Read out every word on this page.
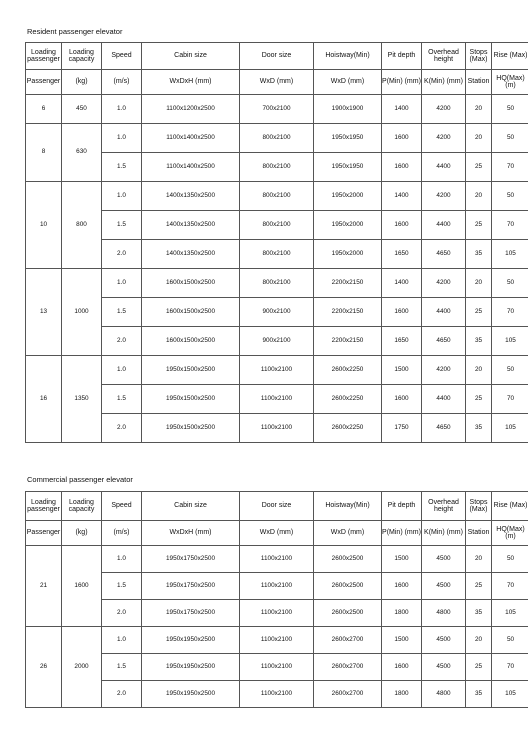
Resident passenger elevator
Loading passenger	Loading capacity	Speed	Cabin size	Door size	Hoistway(Min)	Pit depth	Overhead height	Stops (Max)	Rise (Max)
Passenger	(kg)	(m/s)	WxDxH (mm)	WxD (mm)	WxD (mm)	P(Min) (mm)	K(Min) (mm)	Station	HQ(Max) (m)
6	450	1.0	1100x1200x2500	700x2100	1900x1900	1400	4200	20	50
8	630	1.0	1100x1400x2500	800x2100	1950x1950	1600	4200	20	50
		1.5	1100x1400x2500	800x2100	1950x1950	1600	4400	25	70
10	800	1.0	1400x1350x2500	800x2100	1950x2000	1400	4200	20	50
		1.5	1400x1350x2500	800x2100	1950x2000	1600	4400	25	70
		2.0	1400x1350x2500	800x2100	1950x2000	1650	4650	35	105
13	1000	1.0	1600x1500x2500	800x2100	2200x2150	1400	4200	20	50
		1.5	1600x1500x2500	900x2100	2200x2150	1600	4400	25	70
		2.0	1600x1500x2500	900x2100	2200x2150	1650	4650	35	105
16	1350	1.0	1950x1500x2500	1100x2100	2600x2250	1500	4200	20	50
		1.5	1950x1500x2500	1100x2100	2600x2250	1600	4400	25	70
		2.0	1950x1500x2500	1100x2100	2600x2250	1750	4650	35	105
Commercial passenger elevator
Loading passenger	Loading capacity	Speed	Cabin size	Door size	Hoistway(Min)	Pit depth	Overhead height	Stops (Max)	Rise (Max)
Passenger	(kg)	(m/s)	WxDxH (mm)	WxD (mm)	WxD (mm)	P(Min) (mm)	K(Min) (mm)	Station	HQ(Max) (m)
21	1600	1.0	1950x1750x2500	1100x2100	2600x2500	1500	4500	20	50
		1.5	1950x1750x2500	1100x2100	2600x2500	1600	4500	25	70
		2.0	1950x1750x2500	1100x2100	2600x2500	1800	4800	35	105
26	2000	1.0	1950x1950x2500	1100x2100	2600x2700	1500	4500	20	50
		1.5	1950x1950x2500	1100x2100	2600x2700	1600	4500	25	70
		2.0	1950x1950x2500	1100x2100	2600x2700	1800	4800	35	105
